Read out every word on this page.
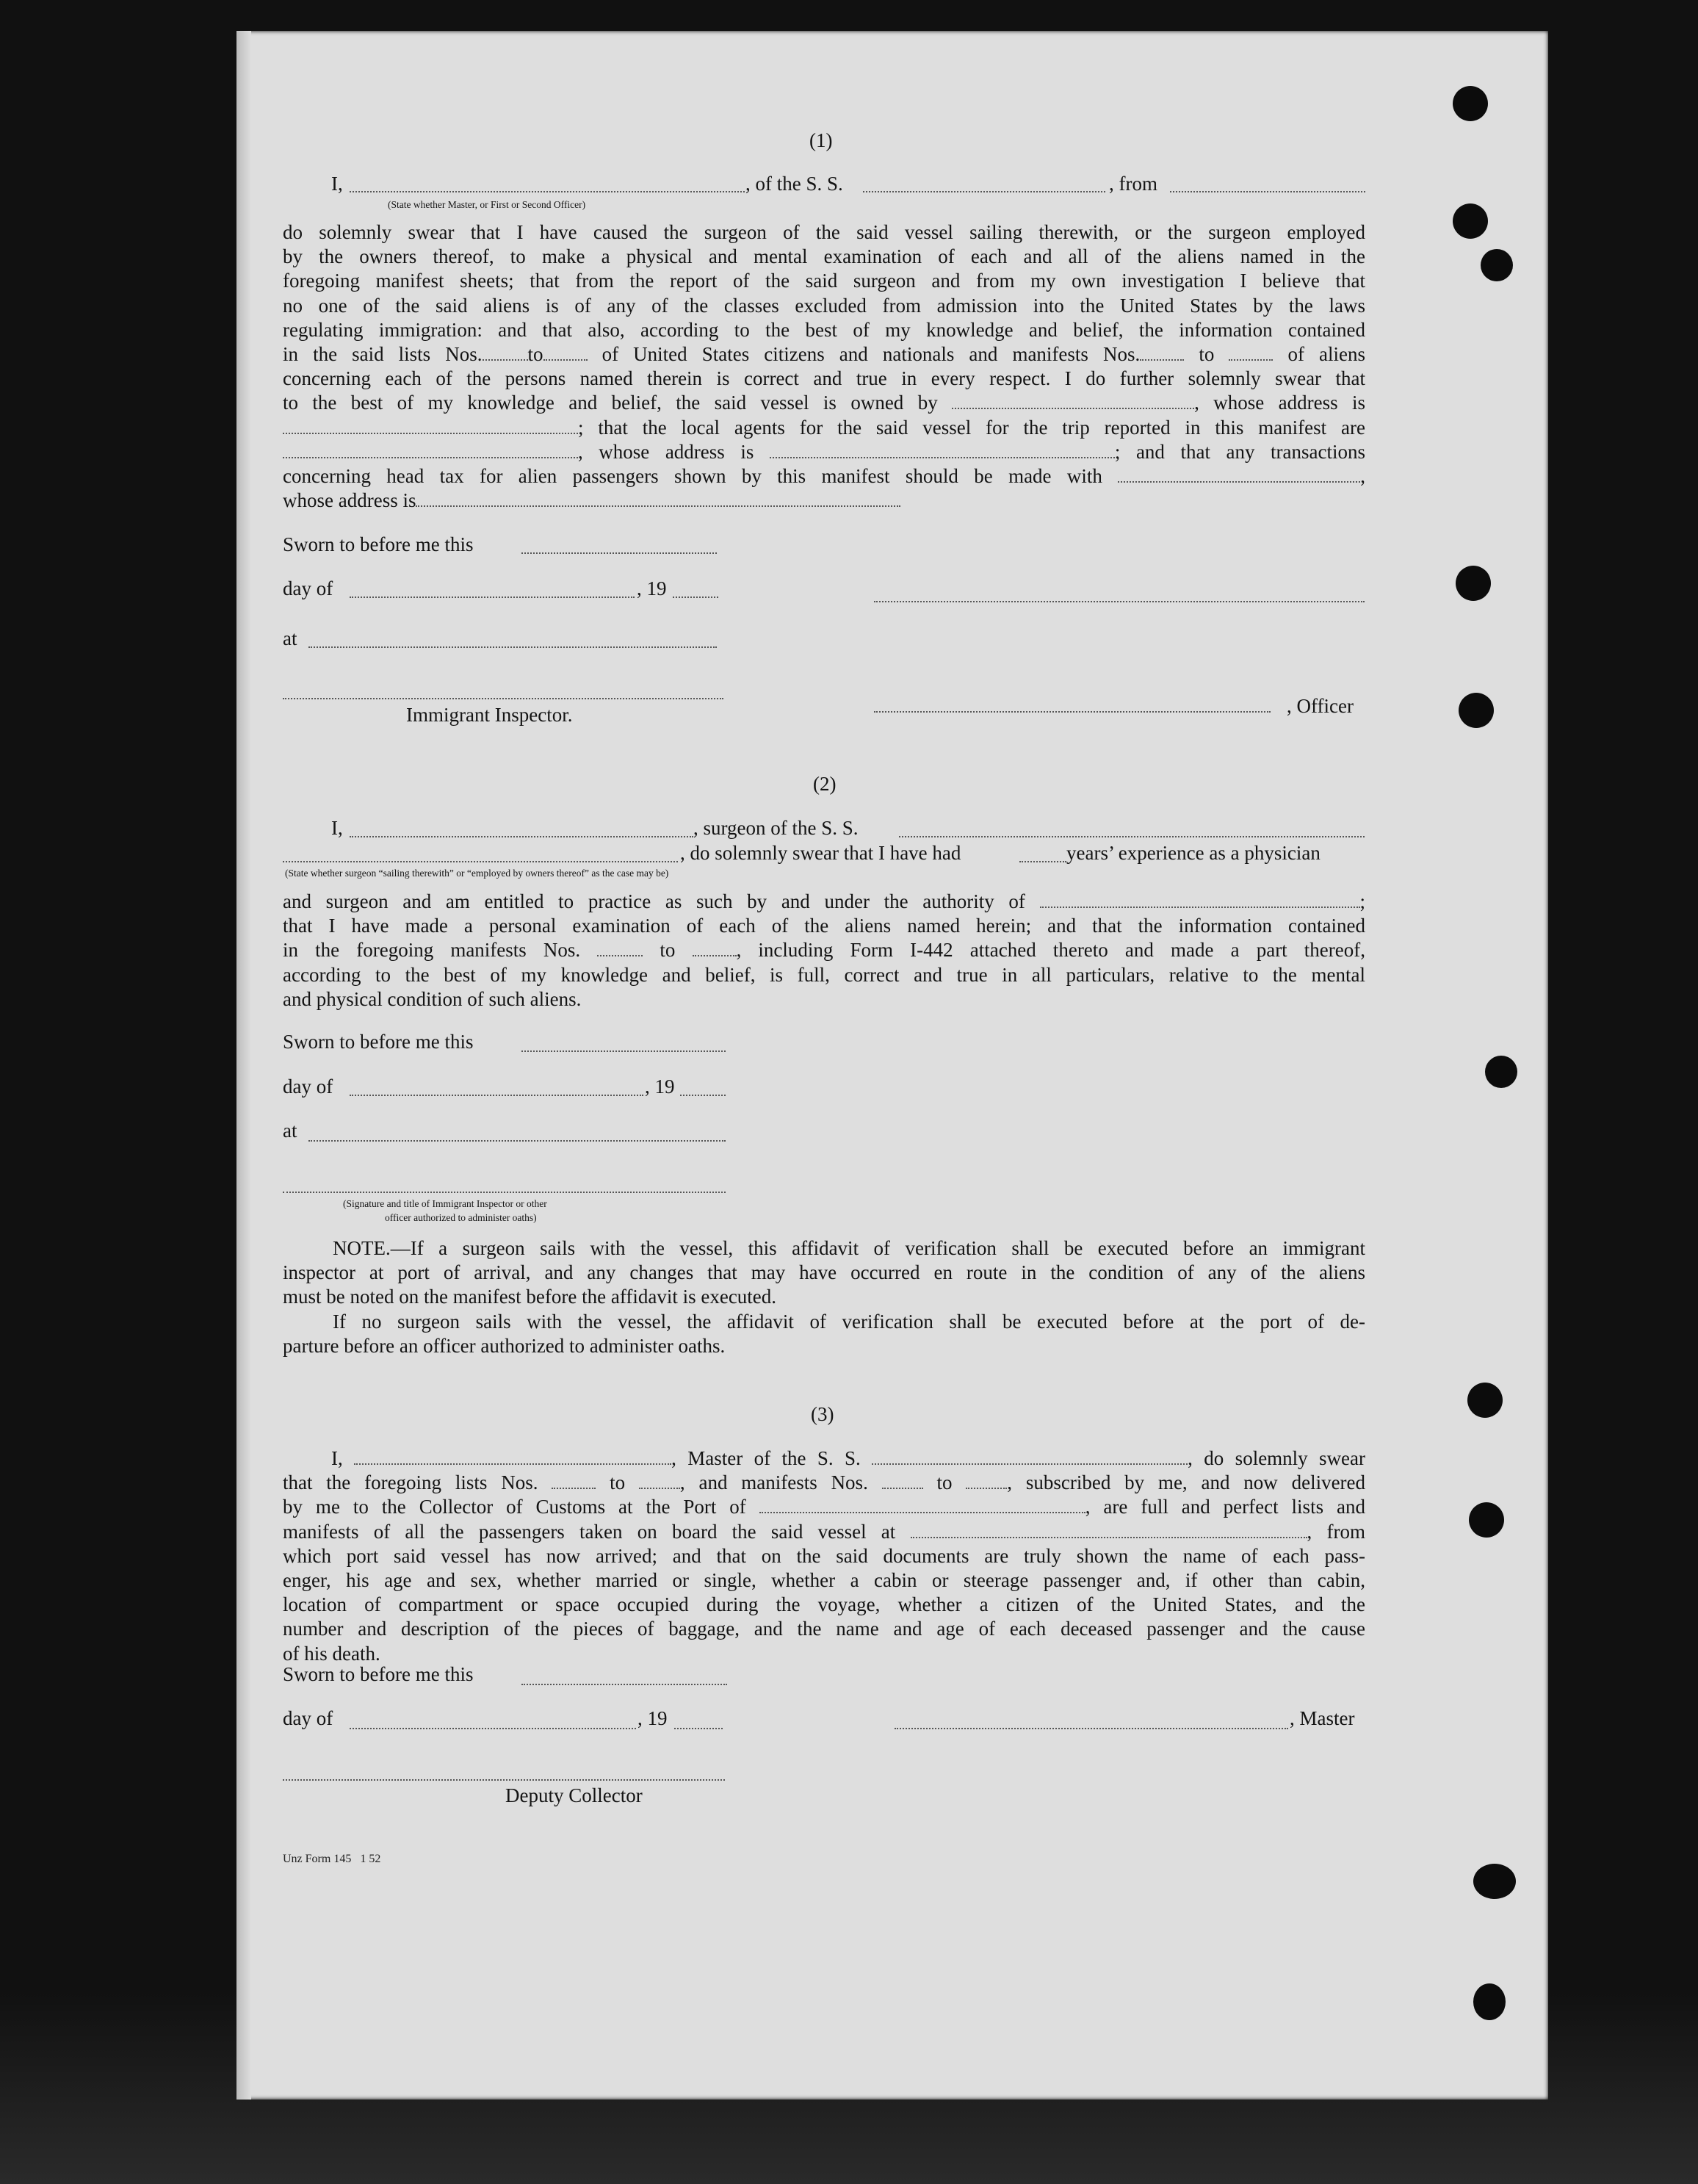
(1)
I,	, of the S. S.	, from
(State whether Master, or First or Second Officer)
do solemnly swear that I have caused the surgeon of the said vessel sailing therewith, or the surgeon employed
by the owners thereof, to make a physical and mental examination of each and all of the aliens named in the
foregoing manifest sheets; that from the report of the said surgeon and from my own investigation I believe that
no one of the said aliens is of any of the classes excluded from admission into the United States by the laws
regulating immigration: and that also, according to the best of my knowledge and belief, the information contained
in the said lists Nos. to	of United States citizens and nationals and manifests Nos.	to	of aliens
concerning each of the persons named therein is correct and true in every respect. I do further solemnly swear that
to the best of my knowledge and belief, the said vessel is owned by	, whose address is
; that the local agents for the said vessel for the trip reported in this manifest are
, whose address is	; and that any transactions
concerning head tax for alien passengers shown by this manifest should be made with	,
whose address is
Sworn to before me this
day of	, 19
at
Immigrant Inspector.	, Officer
(2)
I,	, surgeon of the S. S.
, do solemnly swear that I have had	years’ experience as a physician
(State whether surgeon “sailing therewith” or “employed by owners thereof” as the case may be)
and surgeon and am entitled to practice as such by and under the authority of	;
that I have made a personal examination of each of the aliens named herein; and that the information contained
in the foregoing manifests Nos.	to	, including Form I-442 attached thereto and made a part thereof,
according to the best of my knowledge and belief, is full, correct and true in all particulars, relative to the mental
and physical condition of such aliens.
Sworn to before me this
day of	, 19
at
(Signature and title of Immigrant Inspector or other
officer authorized to administer oaths)
NOTE.—If a surgeon sails with the vessel, this affidavit of verification shall be executed before an immigrant
inspector at port of arrival, and any changes that may have occurred en route in the condition of any of the aliens
must be noted on the manifest before the affidavit is executed.
If no surgeon sails with the vessel, the affidavit of verification shall be executed before at the port of de-
parture before an officer authorized to administer oaths.
(3)
I,	, Master of the S. S.	, do solemnly swear
that the foregoing lists Nos.	to	, and manifests Nos.	to	, subscribed by me, and now delivered
by me to the Collector of Customs at the Port of	, are full and perfect lists and
manifests of all the passengers taken on board the said vessel at	, from
which port said vessel has now arrived; and that on the said documents are truly shown the name of each pass-
enger, his age and sex, whether married or single, whether a cabin or steerage passenger and, if other than cabin,
location of compartment or space occupied during the voyage, whether a citizen of the United States, and the
number and description of the pieces of baggage, and the name and age of each deceased passenger and the cause
of his death.
Sworn to before me this
day of	, 19	, Master
Deputy Collector
Unz Form 145   1 52
